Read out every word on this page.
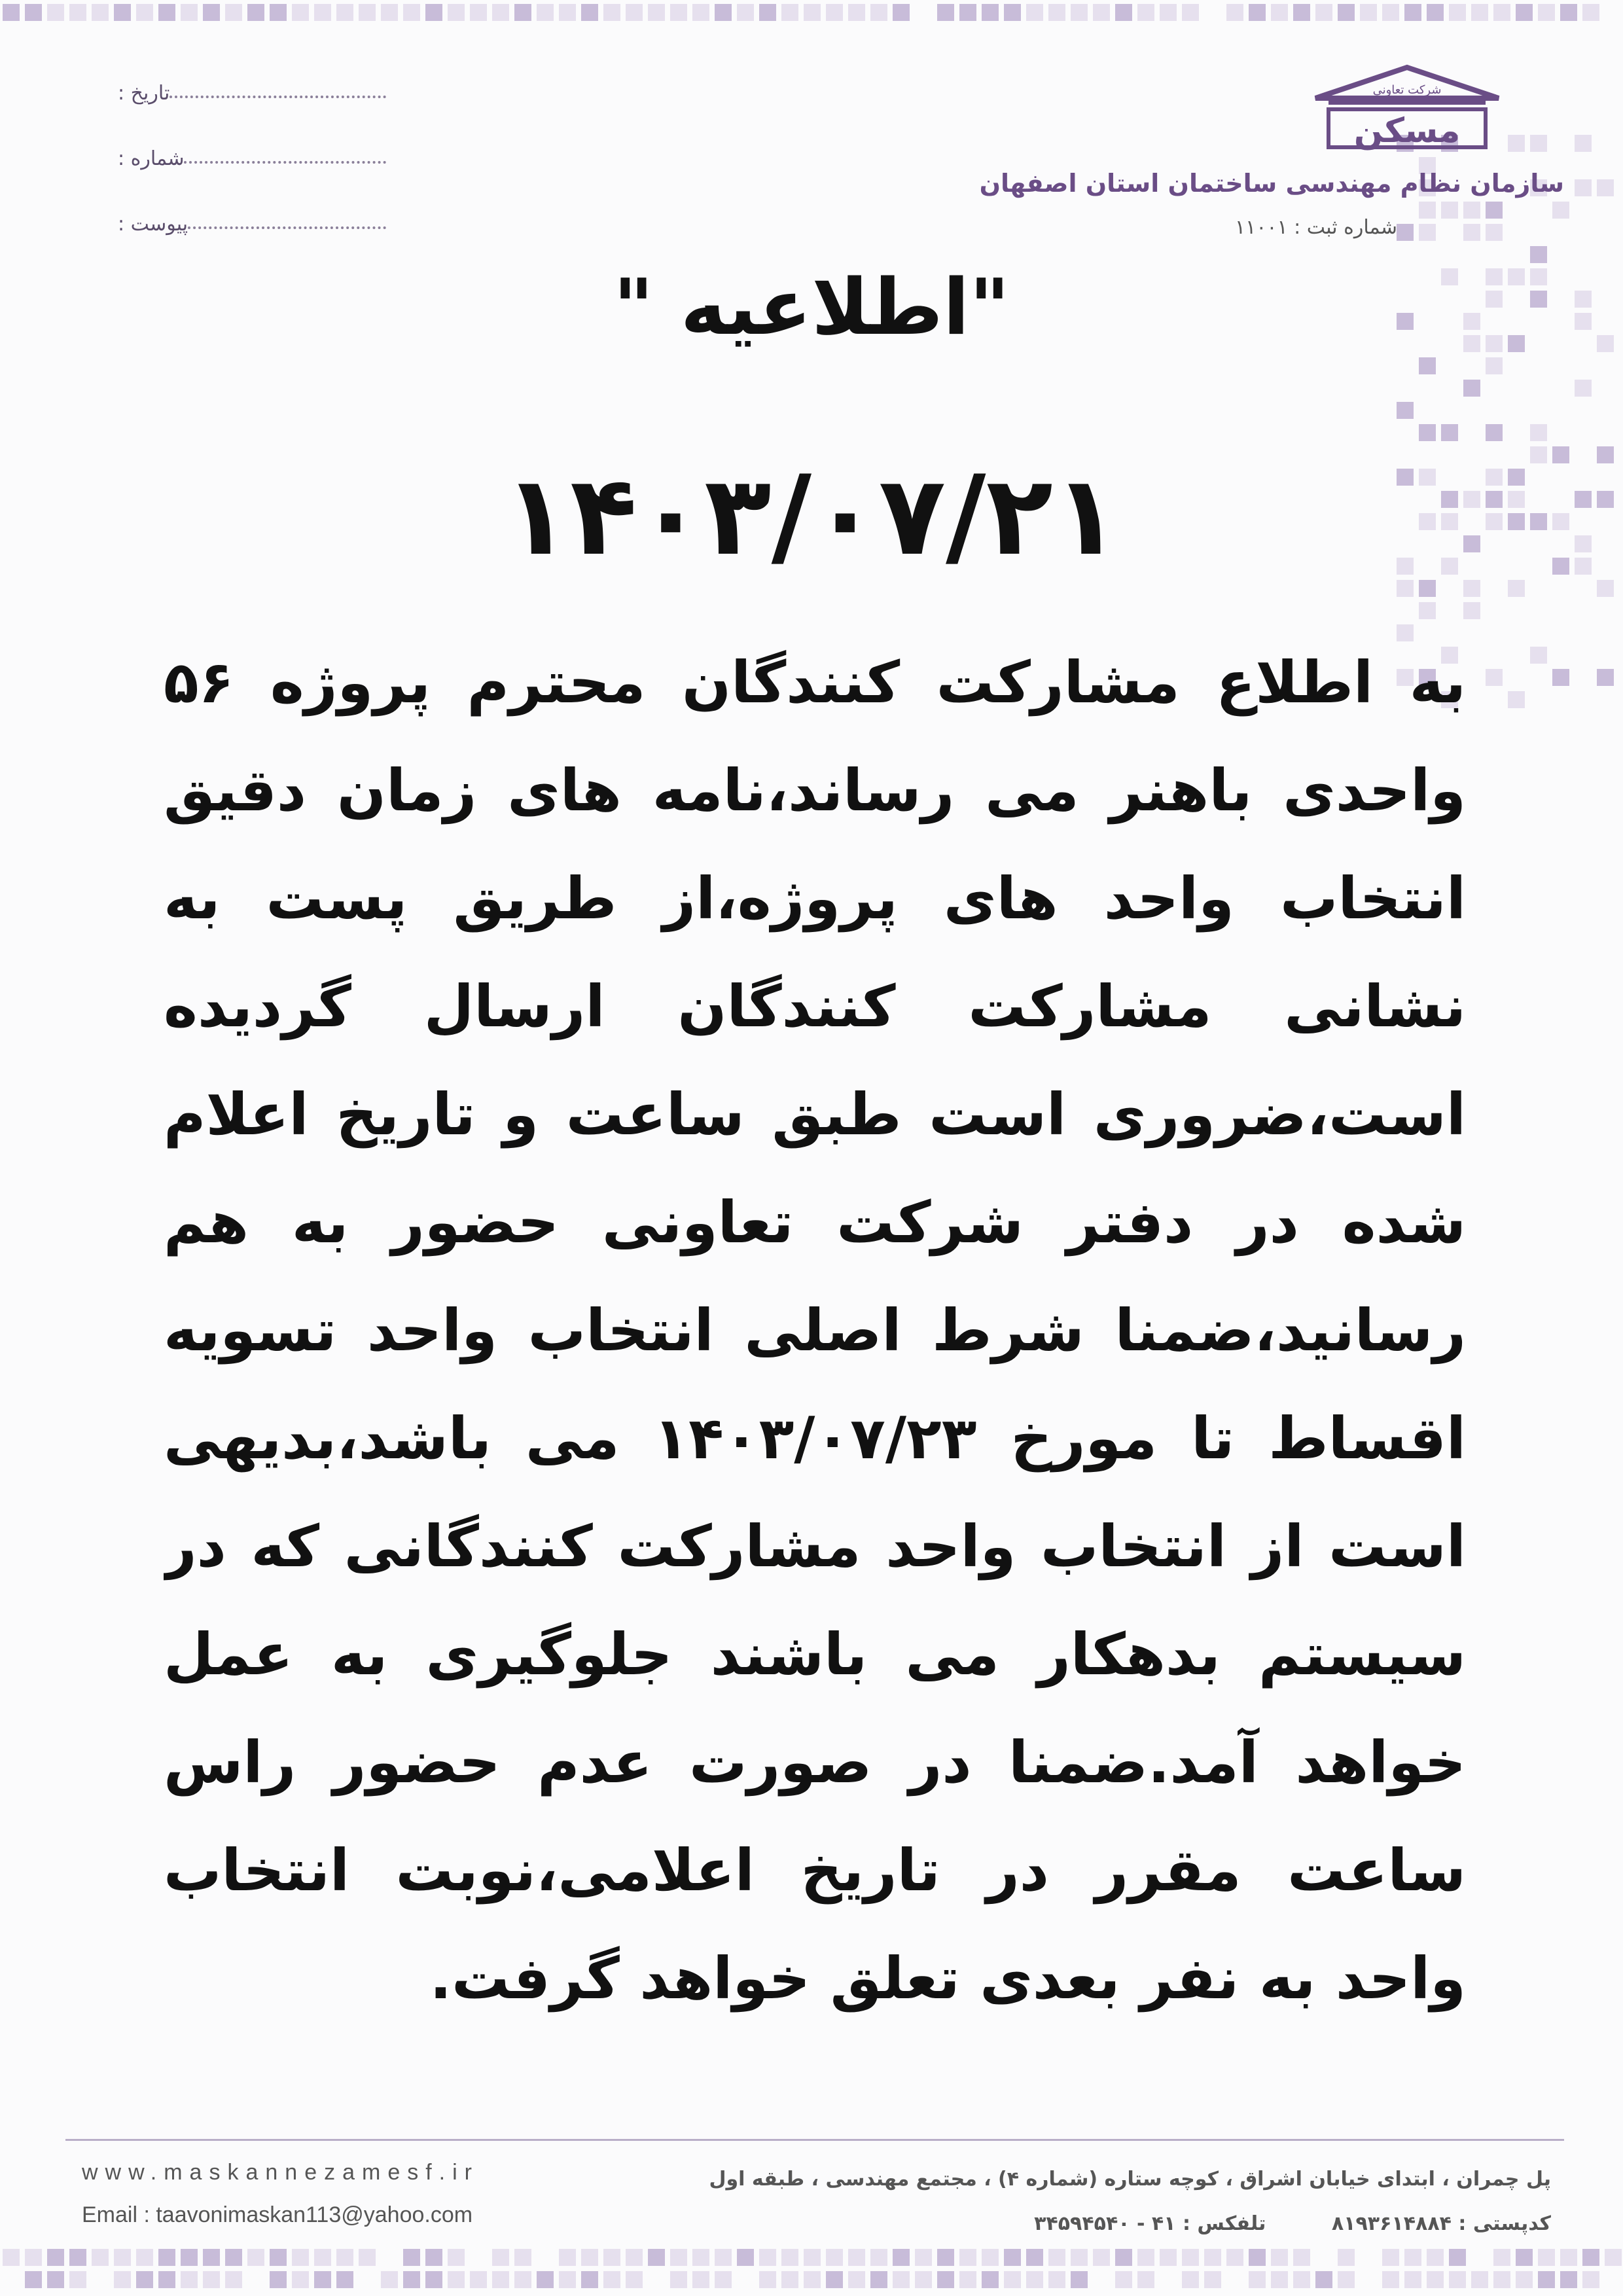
تاریخ :
شماره :
پیوست :
شرکت تعاونی
مسکن
سازمان نظام مهندسی ساختمان استان اصفهان
شماره ثبت : ۱۱۰۰۱
"اطلاعیه "
۱۴۰۳/۰۷/۲۱
به اطلاع مشارکت کنندگان محترم پروژه ۵۶
واحدی باهنر می رساند،نامه های زمان دقیق
انتخاب واحد های پروژه،از طریق پست به
نشانی مشارکت کنندگان ارسال گردیده
است،ضروری است طبق ساعت و تاریخ اعلام
شده در دفتر شرکت تعاونی حضور به هم
رسانید،ضمنا شرط اصلی انتخاب واحد تسویه
اقساط تا مورخ ۱۴۰۳/۰۷/۲۳ می باشد،بدیهی
است از انتخاب واحد مشارکت کنندگانی که در
سیستم بدهکار می باشند جلوگیری به عمل
خواهد آمد.ضمنا در صورت عدم حضور راس
ساعت مقرر در تاریخ اعلامی،نوبت انتخاب
واحد به نفر بعدی تعلق خواهد گرفت.
www.maskannezamesf.ir
Email : taavonimaskan113@yahoo.com
پل چمران ، ابتدای خیابان اشراق ، کوچه ستاره (شماره ۴) ، مجتمع مهندسی ، طبقه اول
کدپستی : ۸۱۹۳۶۱۴۸۸۴ تلفکس : ۴۱ - ۳۴۵۹۴۵۴۰
